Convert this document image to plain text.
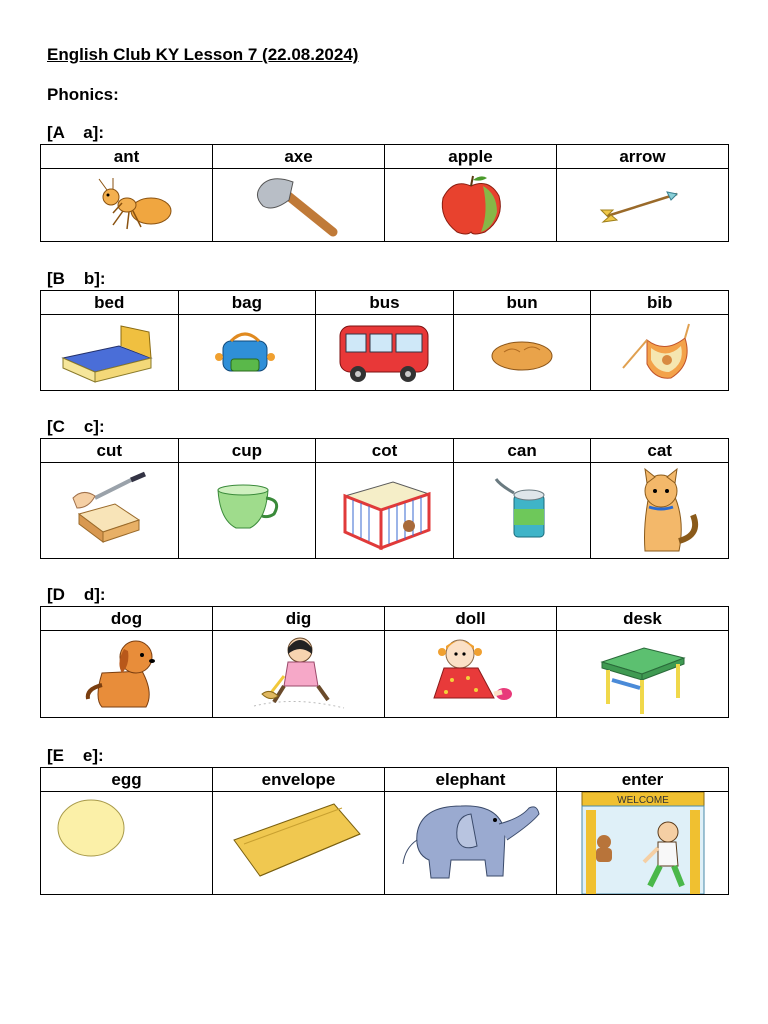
English Club KY Lesson 7 (22.08.2024)
Phonics:
[A    a]:
ant	axe	apple	arrow

[B    b]:
bed	bag	bus	bun	bib

[C    c]:
cut	cup	cot	can	cat

[D    d]:
dog	dig	doll	desk

[E    e]:
egg	envelope	elephant	enter

WELCOME
